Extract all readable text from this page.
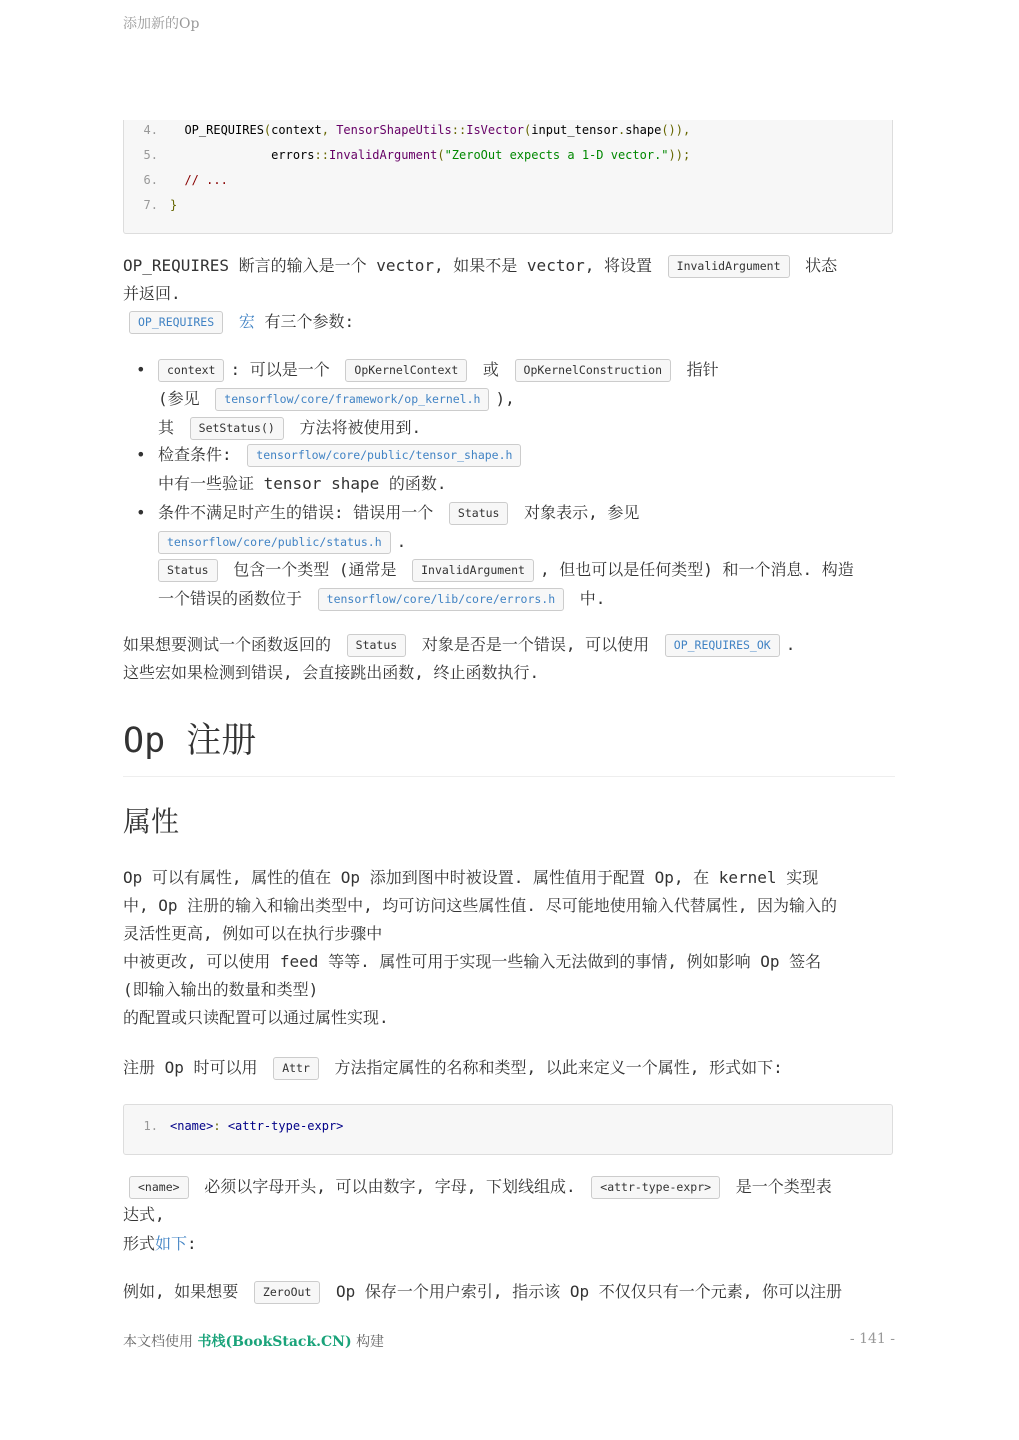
添加新的Op
4.  OP_REQUIRES(context, TensorShapeUtils::IsVector(input_tensor.shape()),
5.              errors::InvalidArgument("ZeroOut expects a 1-D vector."));
6.  // ...
7. }
OP_REQUIRES 断言的输入是一个 vector, 如果不是 vector, 将设置 InvalidArgument 状态
并返回.
OP_REQUIRES 宏 有三个参数:
•	context : 可以是一个 OpKernelContext 或 OpKernelConstruction 指针
(参见 tensorflow/core/framework/op_kernel.h ),
其 SetStatus() 方法将被使用到.
• 检查条件: tensorflow/core/public/tensor_shape.h
中有一些验证 tensor shape 的函数.
• 条件不满足时产生的错误: 错误用一个 Status 对象表示, 参见
tensorflow/core/public/status.h .
Status 包含一个类型 (通常是 InvalidArgument , 但也可以是任何类型) 和一个消息. 构造
一个错误的函数位于 tensorflow/core/lib/core/errors.h 中.
如果想要测试一个函数返回的 Status 对象是否是一个错误, 可以使用 OP_REQUIRES_OK .
这些宏如果检测到错误, 会直接跳出函数, 终止函数执行.
Op 注册
属性
Op 可以有属性, 属性的值在 Op 添加到图中时被设置. 属性值用于配置 Op, 在 kernel 实现
中, Op 注册的输入和输出类型中, 均可访问这些属性值. 尽可能地使用输入代替属性, 因为输入的
灵活性更高, 例如可以在执行步骤中
中被更改, 可以使用 feed 等等. 属性可用于实现一些输入无法做到的事情, 例如影响 Op 签名
(即输入输出的数量和类型)
的配置或只读配置可以通过属性实现.
注册 Op 时可以用 Attr 方法指定属性的名称和类型, 以此来定义一个属性, 形式如下:
1. <name>: <attr-type-expr>
<name> 必须以字母开头, 可以由数字, 字母, 下划线组成. <attr-type-expr> 是一个类型表
达式,
形式如下:
例如, 如果想要 ZeroOut Op 保存一个用户索引, 指示该 Op 不仅仅只有一个元素, 你可以注册
本文档使用 书栈(BookStack.CN) 构建	- 141 -
